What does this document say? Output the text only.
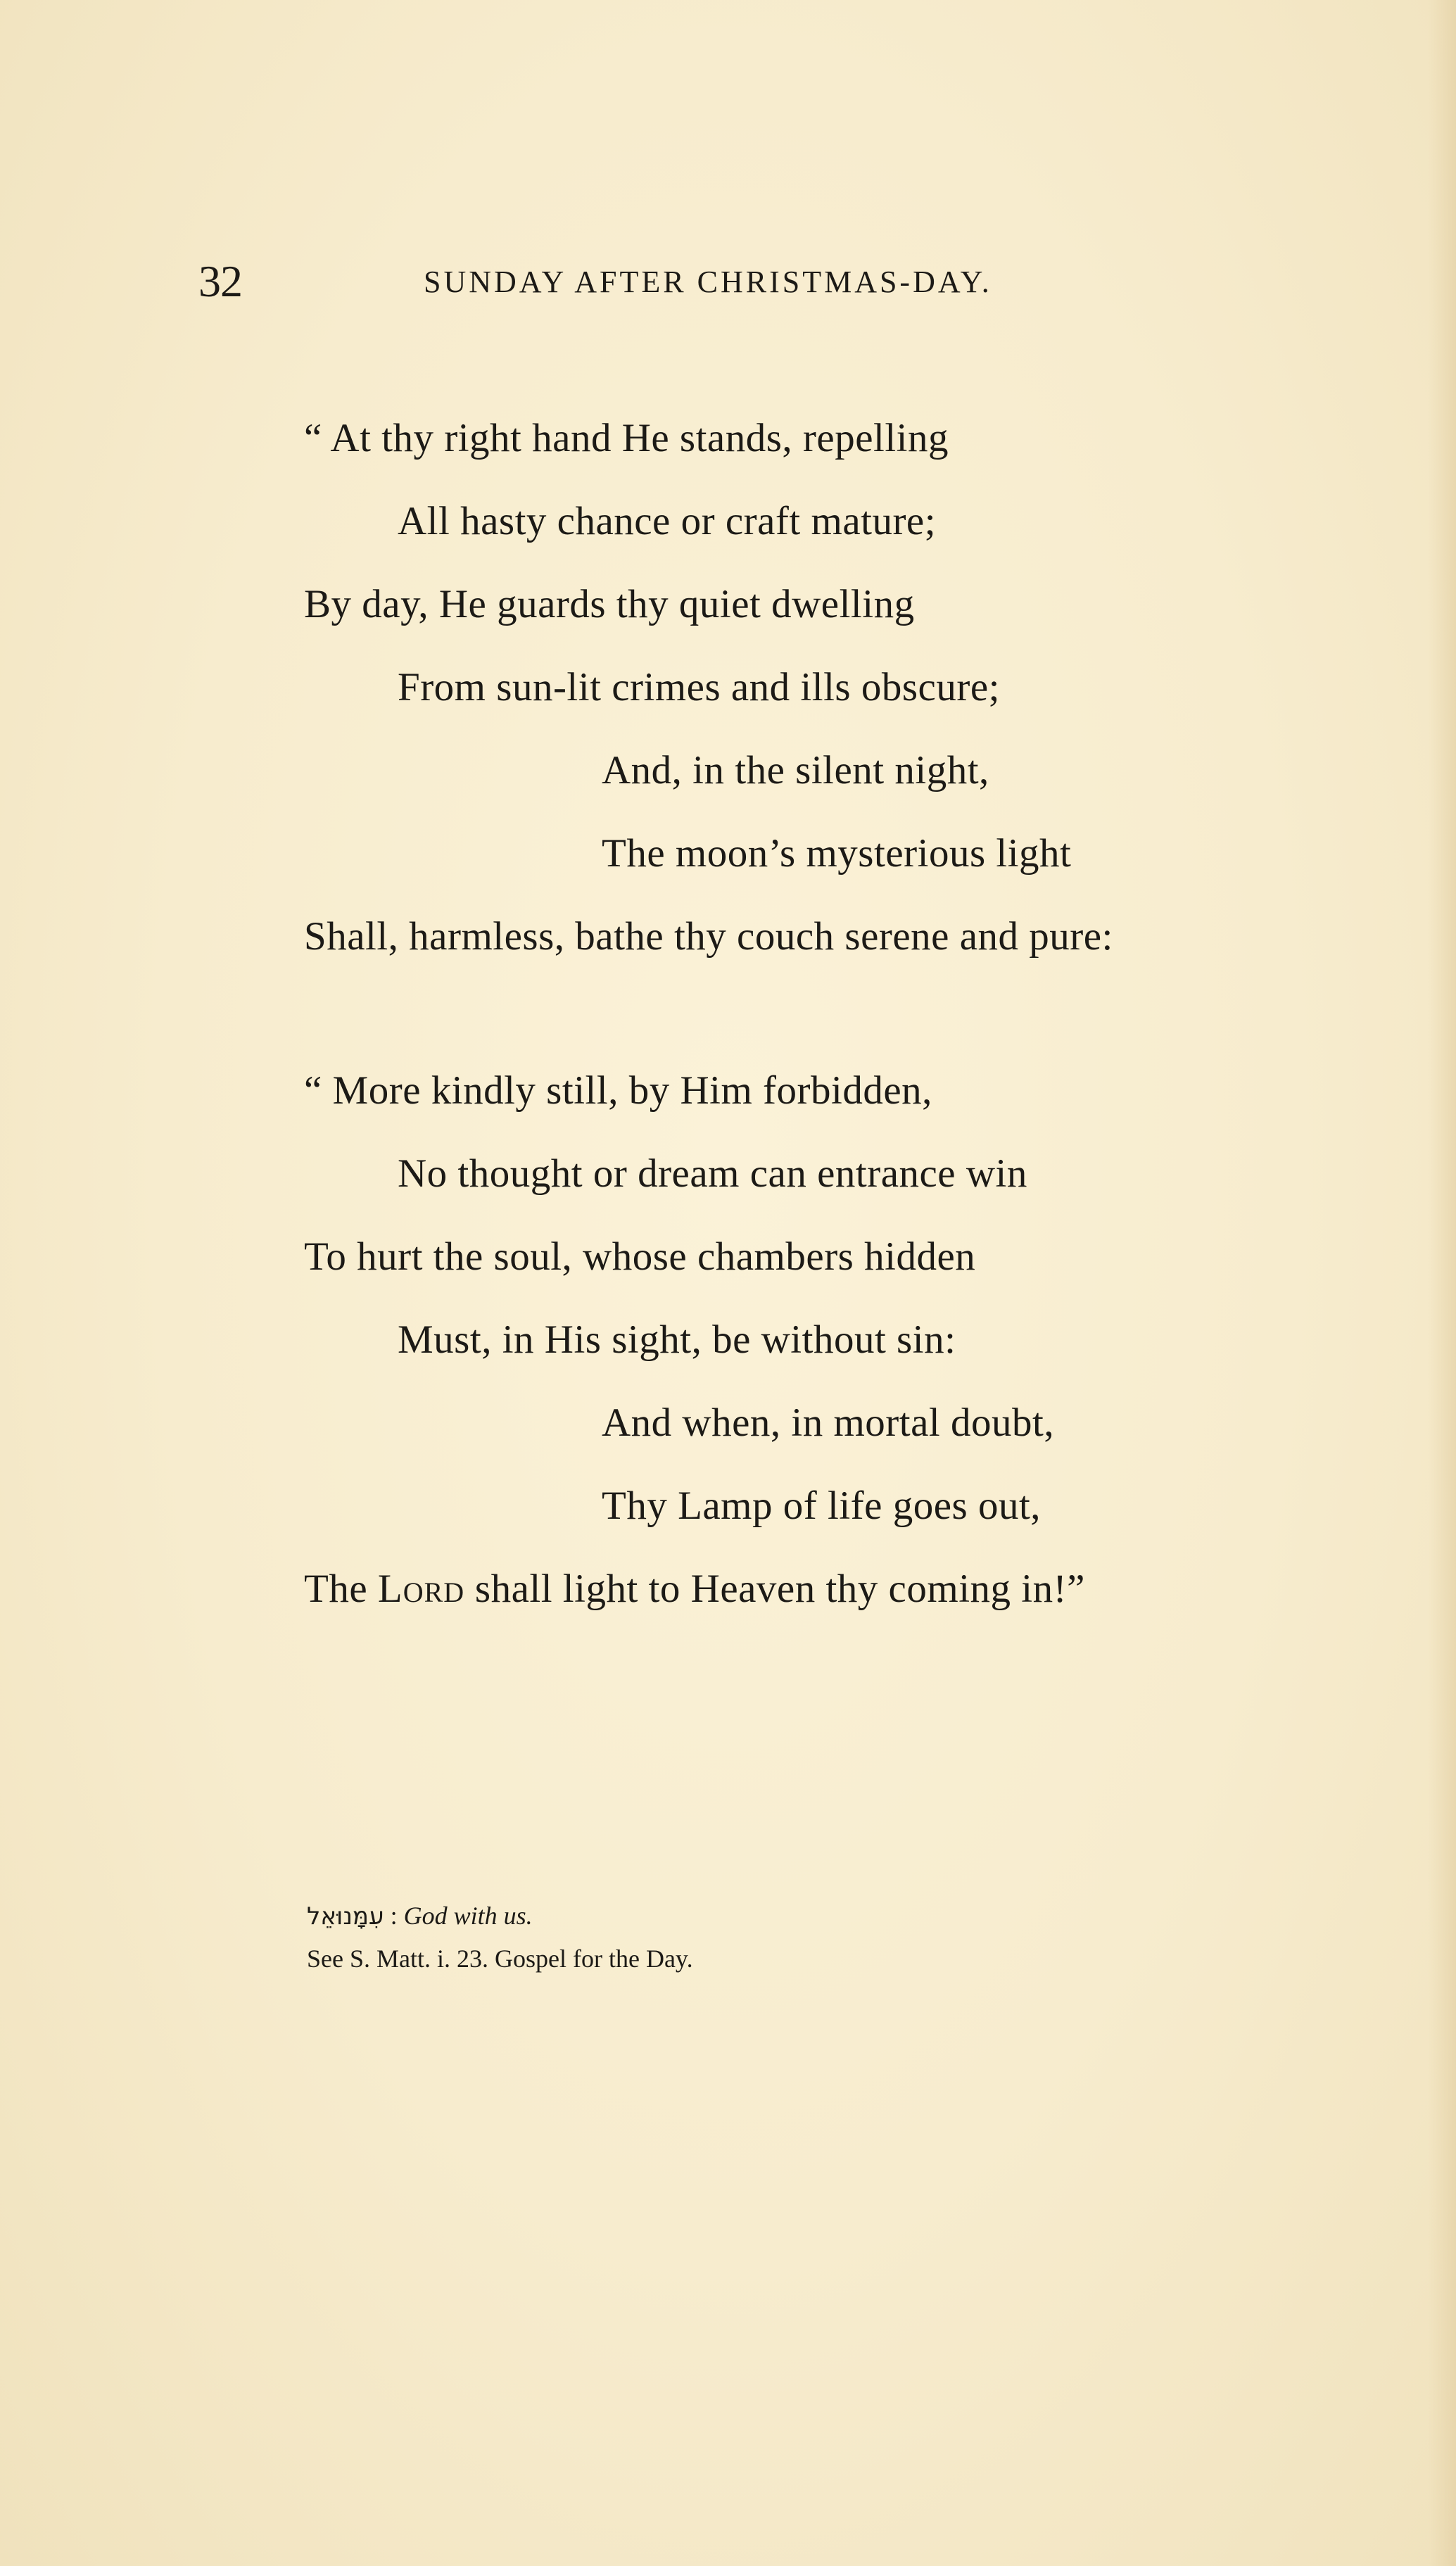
32	SUNDAY AFTER CHRISTMAS-DAY.
“ At thy right hand He stands, repelling
All hasty chance or craft mature;
By day, He guards thy quiet dwelling
From sun-lit crimes and ills obscure;
And, in the silent night,
The moon’s mysterious light
Shall, harmless, bathe thy couch serene and pure:
“ More kindly still, by Him forbidden,
No thought or dream can entrance win
To hurt the soul, whose chambers hidden
Must, in His sight, be without sin:
And when, in mortal doubt,
Thy Lamp of life goes out,
The Lord shall light to Heaven thy coming in!”
עִמָּנוּאֵל : God with us.
See S. Matt. i. 23. Gospel for the Day.
